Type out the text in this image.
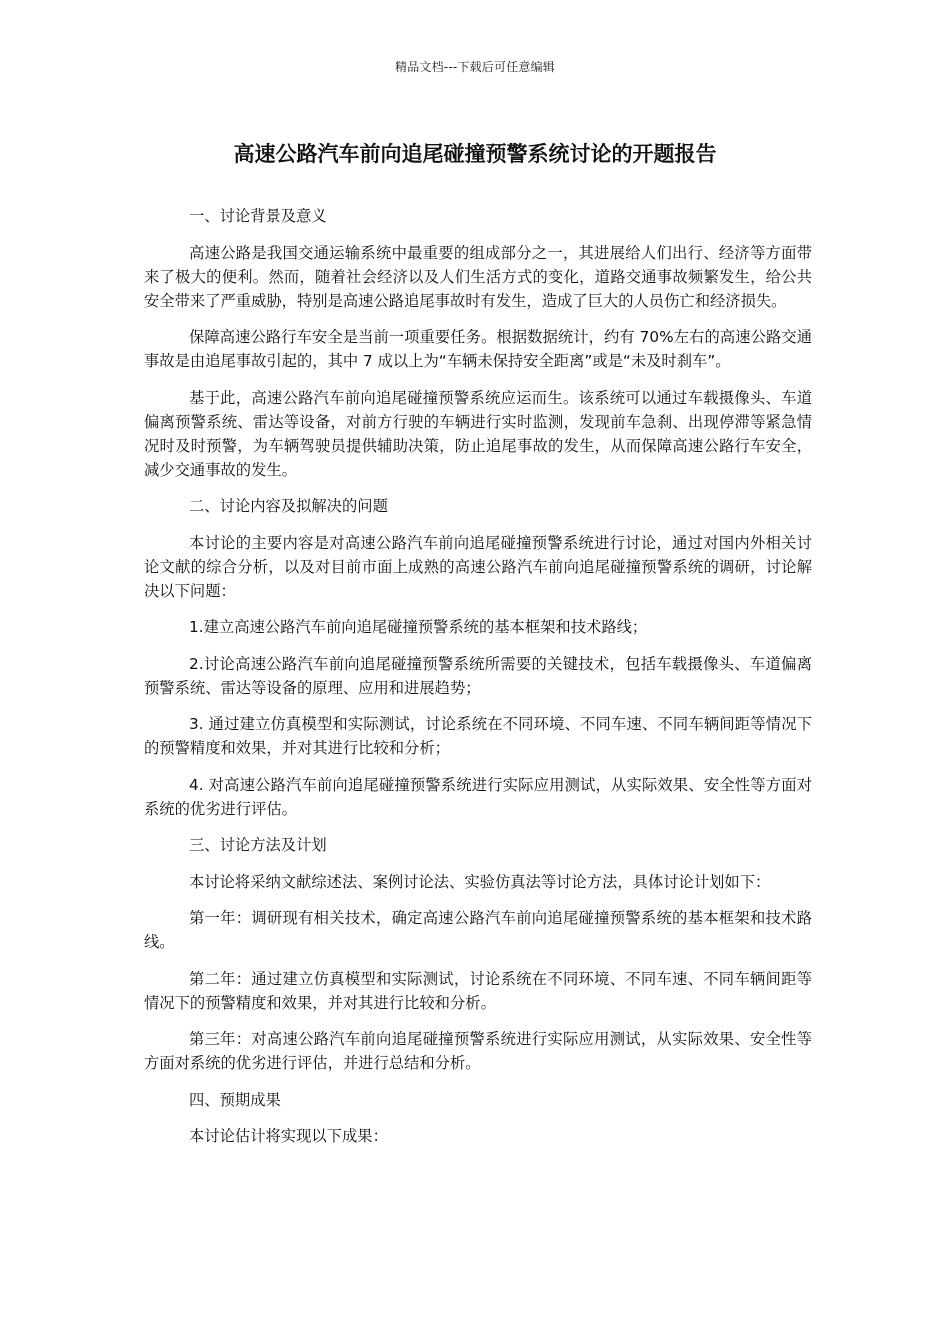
精品文档---下载后可任意编辑
高速公路汽车前向追尾碰撞预警系统讨论的开题报告

一、讨论背景及意义

高速公路是我国交通运输系统中最重要的组成部分之一，其进展给人们出行、经济等方面带来了极大的便利。然而，随着社会经济以及人们生活方式的变化，道路交通事故频繁发生，给公共安全带来了严重威胁，特别是高速公路追尾事故时有发生，造成了巨大的人员伤亡和经济损失。

保障高速公路行车安全是当前一项重要任务。根据数据统计，约有 70%左右的高速公路交通事故是由追尾事故引起的，其中 7 成以上为“车辆未保持安全距离”或是“未及时刹车”。

基于此，高速公路汽车前向追尾碰撞预警系统应运而生。该系统可以通过车载摄像头、车道偏离预警系统、雷达等设备，对前方行驶的车辆进行实时监测，发现前车急刹、出现停滞等紧急情况时及时预警，为车辆驾驶员提供辅助决策，防止追尾事故的发生，从而保障高速公路行车安全，减少交通事故的发生。

二、讨论内容及拟解决的问题

本讨论的主要内容是对高速公路汽车前向追尾碰撞预警系统进行讨论，通过对国内外相关讨论文献的综合分析，以及对目前市面上成熟的高速公路汽车前向追尾碰撞预警系统的调研，讨论解决以下问题：

1.建立高速公路汽车前向追尾碰撞预警系统的基本框架和技术路线；

2.讨论高速公路汽车前向追尾碰撞预警系统所需要的关键技术，包括车载摄像头、车道偏离预警系统、雷达等设备的原理、应用和进展趋势；

3. 通过建立仿真模型和实际测试，讨论系统在不同环境、不同车速、不同车辆间距等情况下的预警精度和效果，并对其进行比较和分析；

4. 对高速公路汽车前向追尾碰撞预警系统进行实际应用测试，从实际效果、安全性等方面对系统的优劣进行评估。

三、讨论方法及计划

本讨论将采纳文献综述法、案例讨论法、实验仿真法等讨论方法，具体讨论计划如下：

第一年：调研现有相关技术，确定高速公路汽车前向追尾碰撞预警系统的基本框架和技术路线。

第二年：通过建立仿真模型和实际测试，讨论系统在不同环境、不同车速、不同车辆间距等情况下的预警精度和效果，并对其进行比较和分析。

第三年：对高速公路汽车前向追尾碰撞预警系统进行实际应用测试，从实际效果、安全性等方面对系统的优劣进行评估，并进行总结和分析。

四、预期成果

本讨论估计将实现以下成果：
